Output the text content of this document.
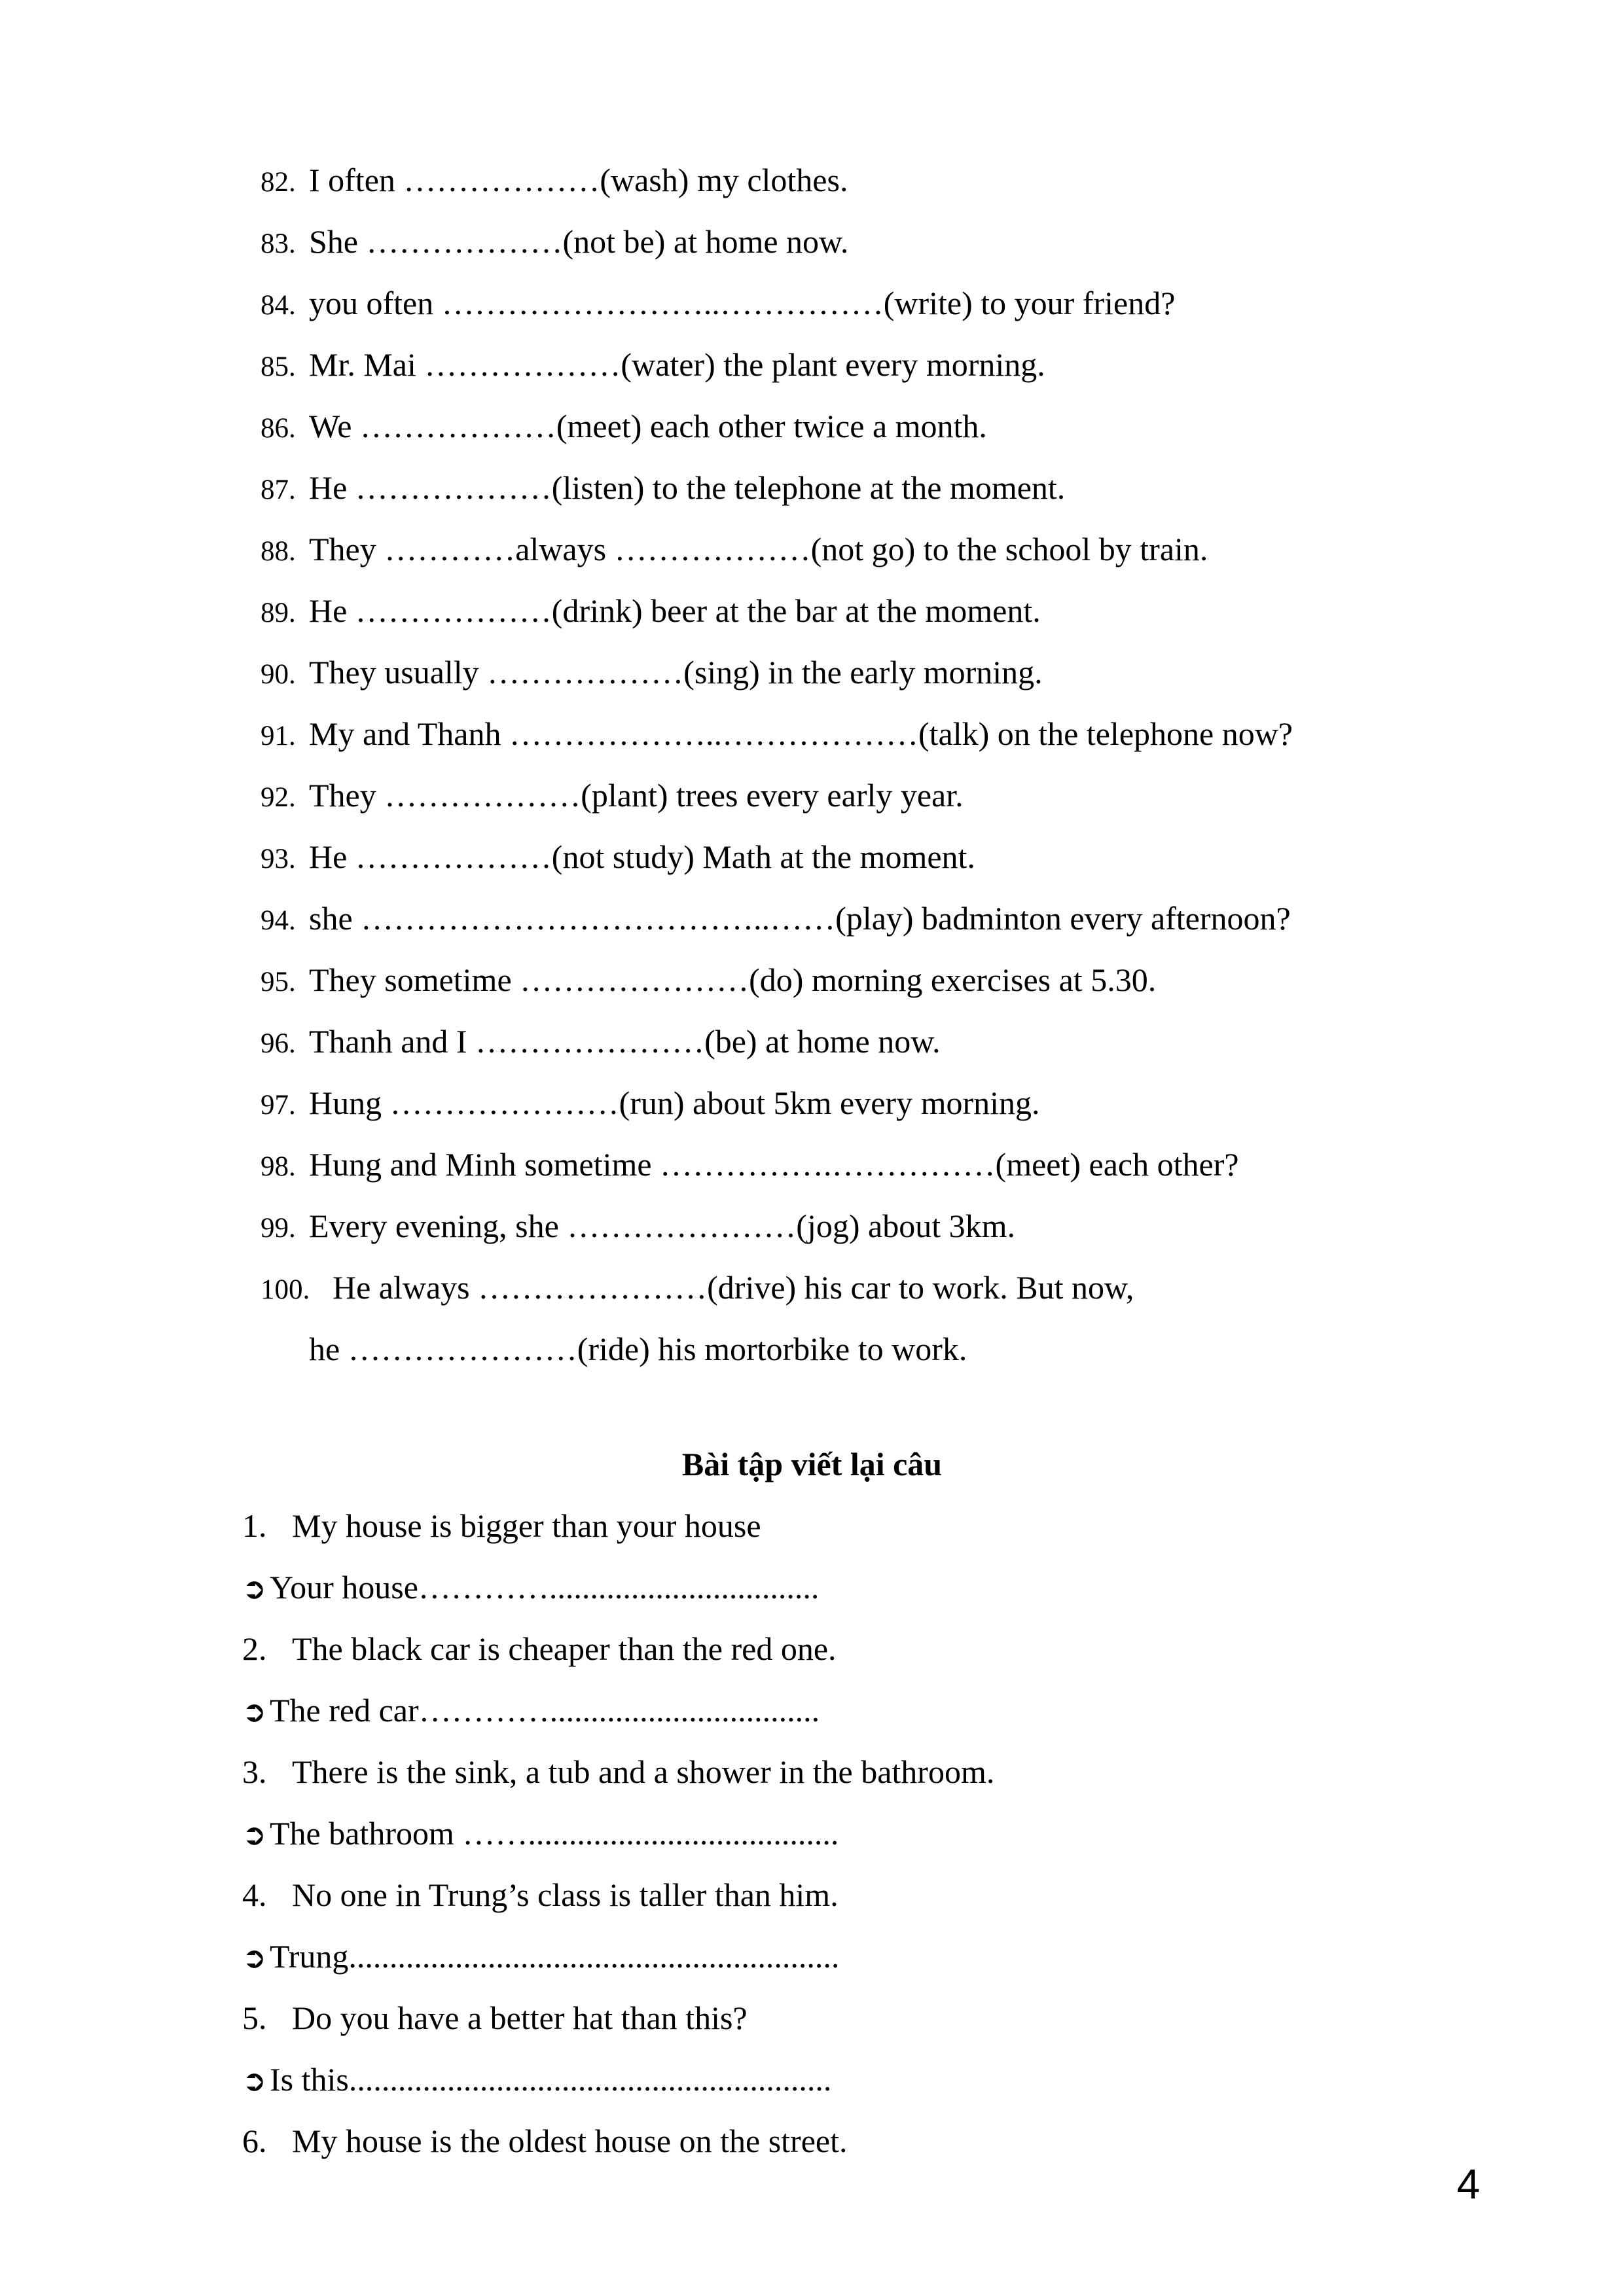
82. I often ………………(wash) my clothes.
83. She ………………(not be) at home now.
84. you often ……………………..……………(write) to your friend?
85. Mr. Mai ………………(water) the plant every morning.
86. We ………………(meet) each other twice a month.
87. He ………………(listen) to the telephone at the moment.
88. They …………always ………………(not go) to the school by train.
89. He ………………(drink) beer at the bar at the moment.
90. They usually ………………(sing) in the early morning.
91. My and Thanh ………………..………………(talk) on the telephone now?
92. They ………………(plant) trees every early year.
93. He ………………(not study) Math at the moment.
94. she ………………………………..……(play) badminton every afternoon?
95. They sometime …………………(do) morning exercises at 5.30.
96. Thanh and I …………………(be) at home now.
97. Hung …………………(run) about 5km every morning.
98. Hung and Minh sometime …………….……………(meet) each other?
99. Every evening, she …………………(jog) about 3km.
100. He always …………………(drive) his car to work. But now,
he …………………(ride) his mortorbike to work.
Bài tập viết lại câu
1. My house is bigger than your house
➲ Your house………….................................
2. The black car is cheaper than the red one.
➲ The red car………….................................
3. There is the sink, a tub and a shower in the bathroom.
➲ The bathroom ……......................................
4. No one in Trung’s class is taller than him.
➲ Trung............................................................
5. Do you have a better hat than this?
➲ Is this...........................................................
6. My house is the oldest house on the street.
4
